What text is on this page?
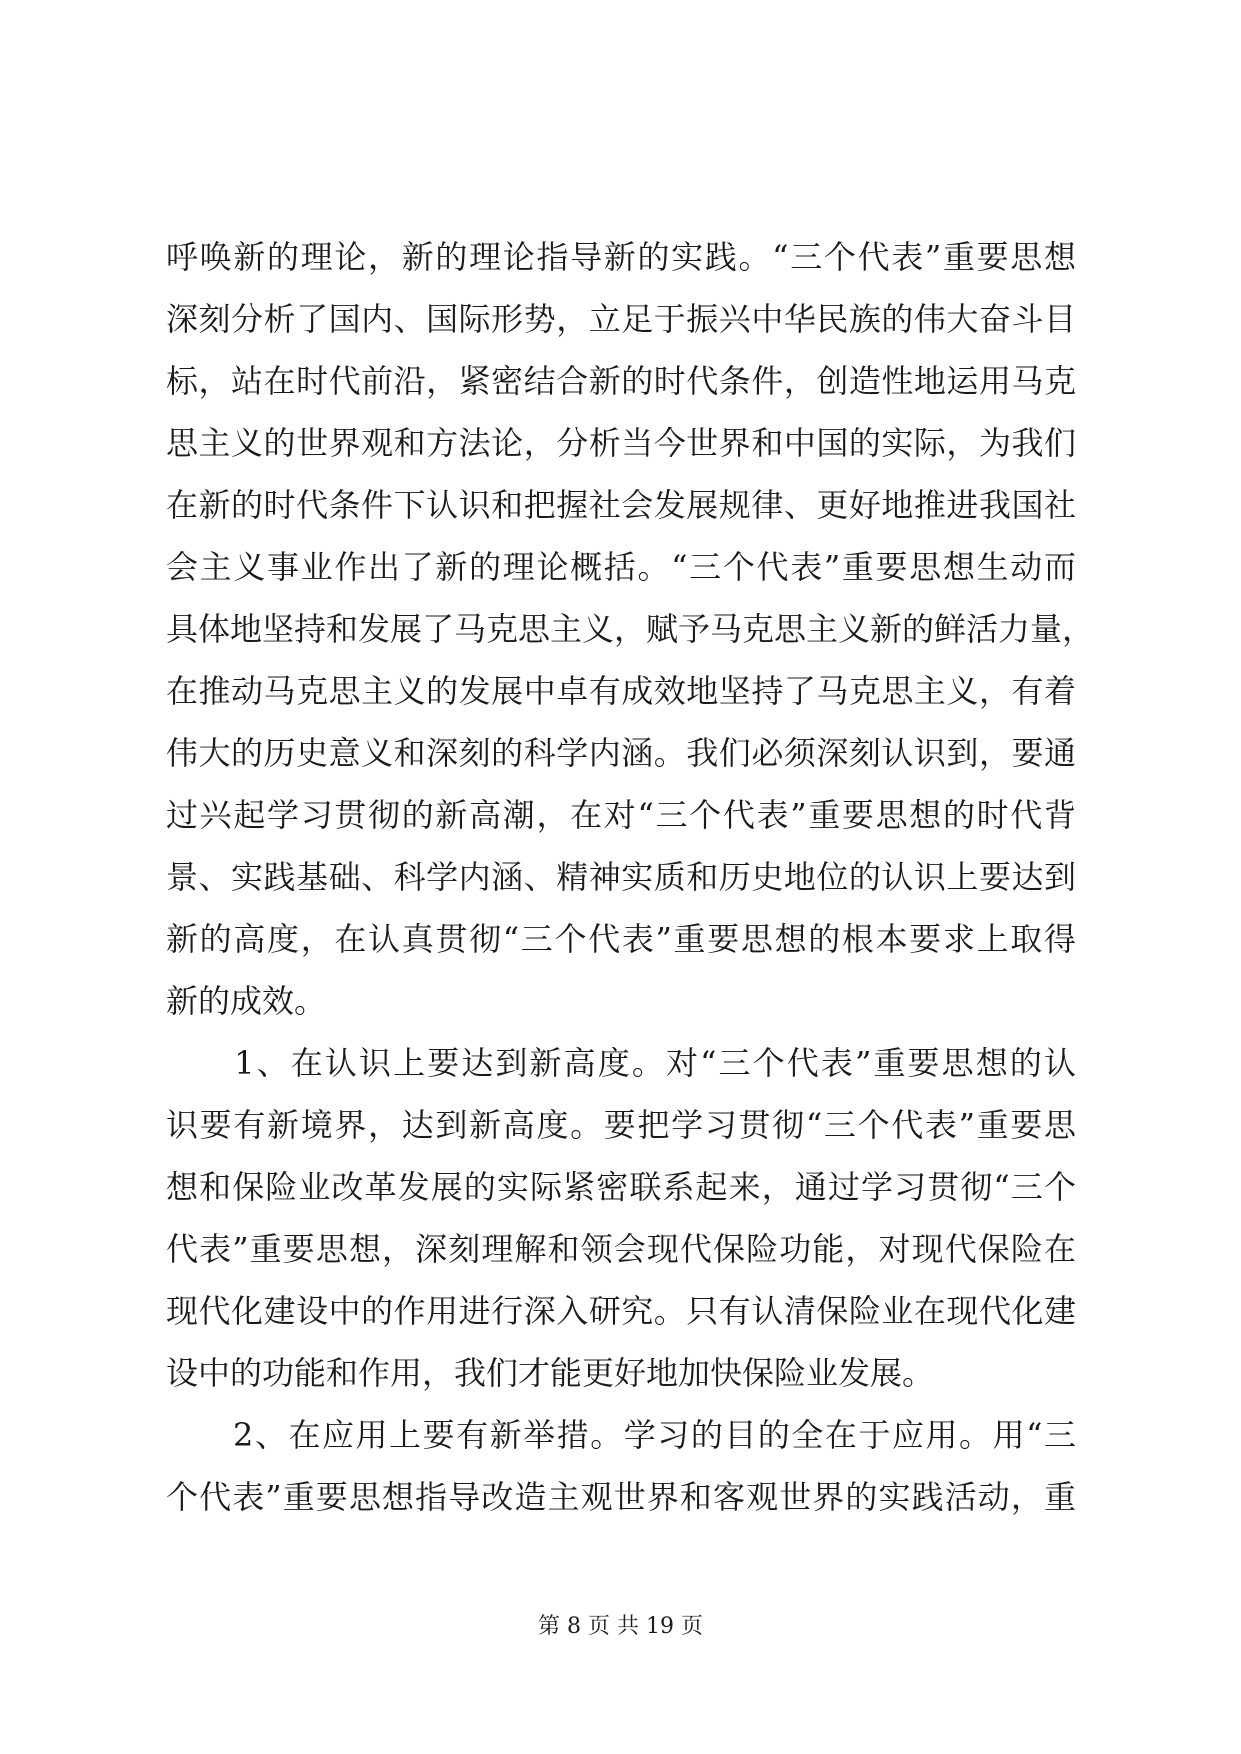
呼唤新的理论，新的理论指导新的实践。“三个代表”重要思想
深刻分析了国内、国际形势，立足于振兴中华民族的伟大奋斗目
标，站在时代前沿，紧密结合新的时代条件，创造性地运用马克
思主义的世界观和方法论，分析当今世界和中国的实际，为我们
在新的时代条件下认识和把握社会发展规律、更好地推进我国社
会主义事业作出了新的理论概括。“三个代表”重要思想生动而
具体地坚持和发展了马克思主义，赋予马克思主义新的鲜活力量，
在推动马克思主义的发展中卓有成效地坚持了马克思主义，有着
伟大的历史意义和深刻的科学内涵。我们必须深刻认识到，要通
过兴起学习贯彻的新高潮，在对“三个代表”重要思想的时代背
景、实践基础、科学内涵、精神实质和历史地位的认识上要达到
新的高度，在认真贯彻“三个代表”重要思想的根本要求上取得
新的成效。
　　1、在认识上要达到新高度。对“三个代表”重要思想的认
识要有新境界，达到新高度。要把学习贯彻“三个代表”重要思
想和保险业改革发展的实际紧密联系起来，通过学习贯彻“三个
代表”重要思想，深刻理解和领会现代保险功能，对现代保险在
现代化建设中的作用进行深入研究。只有认清保险业在现代化建
设中的功能和作用，我们才能更好地加快保险业发展。
　　2、在应用上要有新举措。学习的目的全在于应用。用“三
个代表”重要思想指导改造主观世界和客观世界的实践活动，重
第 8 页 共 19 页
